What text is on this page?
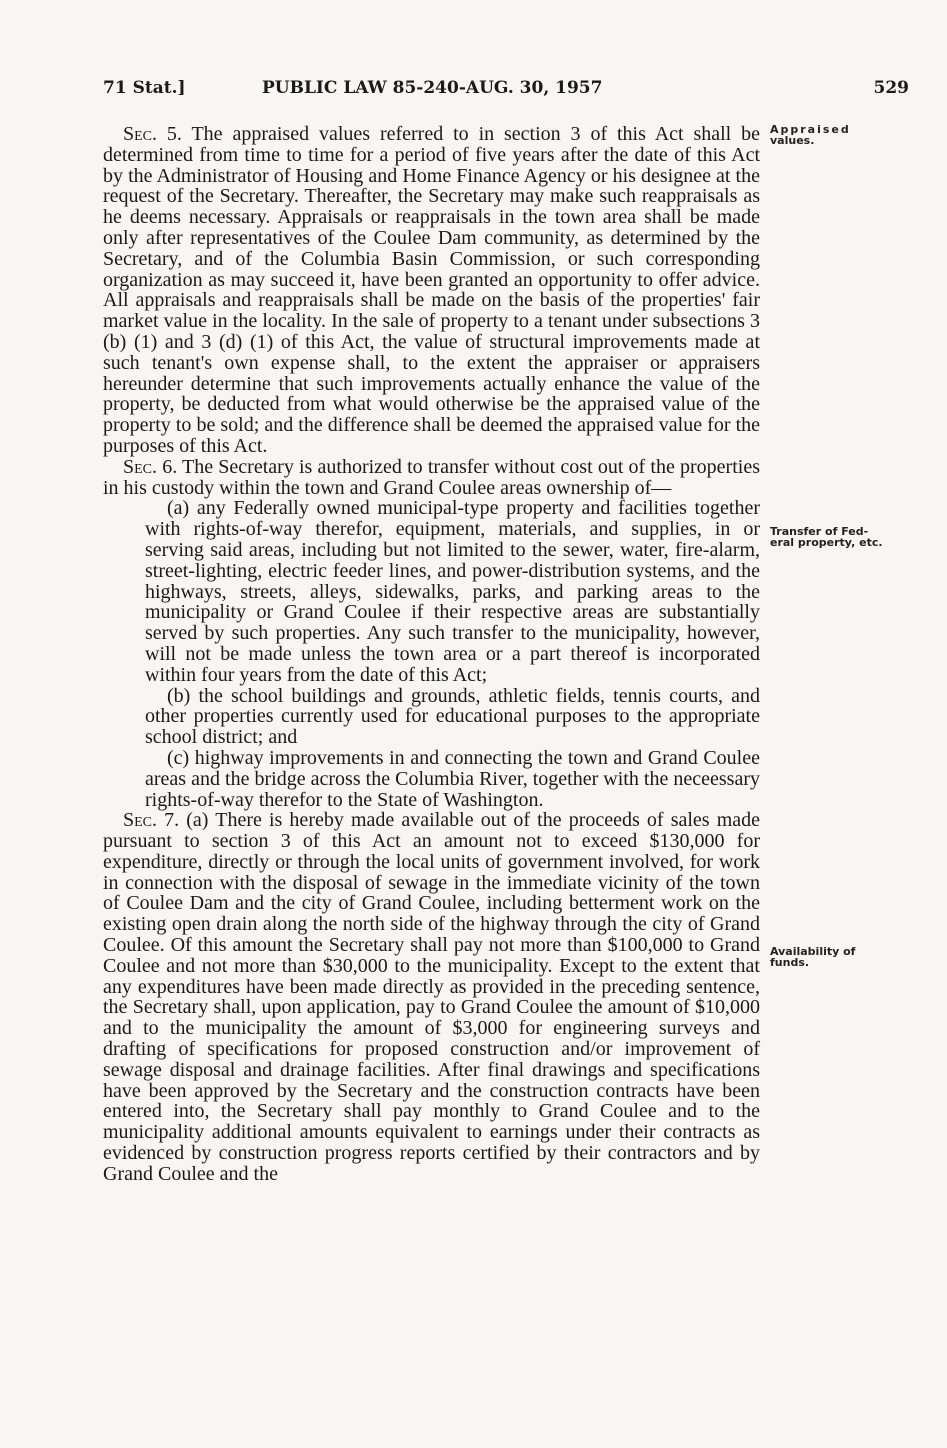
71 Stat.]	PUBLIC LAW 85-240-AUG. 30, 1957	529
Appraised
values.
Transfer of Fed-
eral property, etc.
Availability of
funds.

Sec. 5. The appraised values referred to in section 3 of this Act shall be determined from time to time for a period of five years after the date of this Act by the Administrator of Housing and Home Finance Agency or his designee at the request of the Secretary. Thereafter, the Secretary may make such reappraisals as he deems necessary. Appraisals or reappraisals in the town area shall be made only after representatives of the Coulee Dam community, as determined by the Secretary, and of the Columbia Basin Commission, or such corresponding organization as may succeed it, have been granted an opportunity to offer advice. All appraisals and reappraisals shall be made on the basis of the properties' fair market value in the locality. In the sale of property to a tenant under subsections 3 (b) (1) and 3 (d) (1) of this Act, the value of structural improvements made at such tenant's own expense shall, to the extent the appraiser or appraisers hereunder determine that such improvements actually enhance the value of the property, be deducted from what would otherwise be the appraised value of the property to be sold; and the difference shall be deemed the appraised value for the purposes of this Act.

Sec. 6. The Secretary is authorized to transfer without cost out of the properties in his custody within the town and Grand Coulee areas ownership of—

(a) any Federally owned municipal-type property and facilities together with rights-of-way therefor, equipment, materials, and supplies, in or serving said areas, including but not limited to the sewer, water, fire-alarm, street-lighting, electric feeder lines, and power-distribution systems, and the highways, streets, alleys, sidewalks, parks, and parking areas to the municipality or Grand Coulee if their respective areas are substantially served by such properties. Any such transfer to the municipality, however, will not be made unless the town area or a part thereof is incorporated within four years from the date of this Act;

(b) the school buildings and grounds, athletic fields, tennis courts, and other properties currently used for educational purposes to the appropriate school district; and

(c) highway improvements in and connecting the town and Grand Coulee areas and the bridge across the Columbia River, together with the neceessary rights-of-way therefor to the State of Washington.

Sec. 7. (a) There is hereby made available out of the proceeds of sales made pursuant to section 3 of this Act an amount not to exceed $130,000 for expenditure, directly or through the local units of government involved, for work in connection with the disposal of sewage in the immediate vicinity of the town of Coulee Dam and the city of Grand Coulee, including betterment work on the existing open drain along the north side of the highway through the city of Grand Coulee. Of this amount the Secretary shall pay not more than $100,000 to Grand Coulee and not more than $30,000 to the municipality. Except to the extent that any expenditures have been made directly as provided in the preceding sentence, the Secretary shall, upon application, pay to Grand Coulee the amount of $10,000 and to the municipality the amount of $3,000 for engineering surveys and drafting of specifications for proposed construction and/or improvement of sewage disposal and drainage facilities. After final drawings and specifications have been approved by the Secretary and the construction contracts have been entered into, the Secretary shall pay monthly to Grand Coulee and to the municipality additional amounts equivalent to earnings under their contracts as evidenced by construction progress reports certified by their contractors and by Grand Coulee and the
